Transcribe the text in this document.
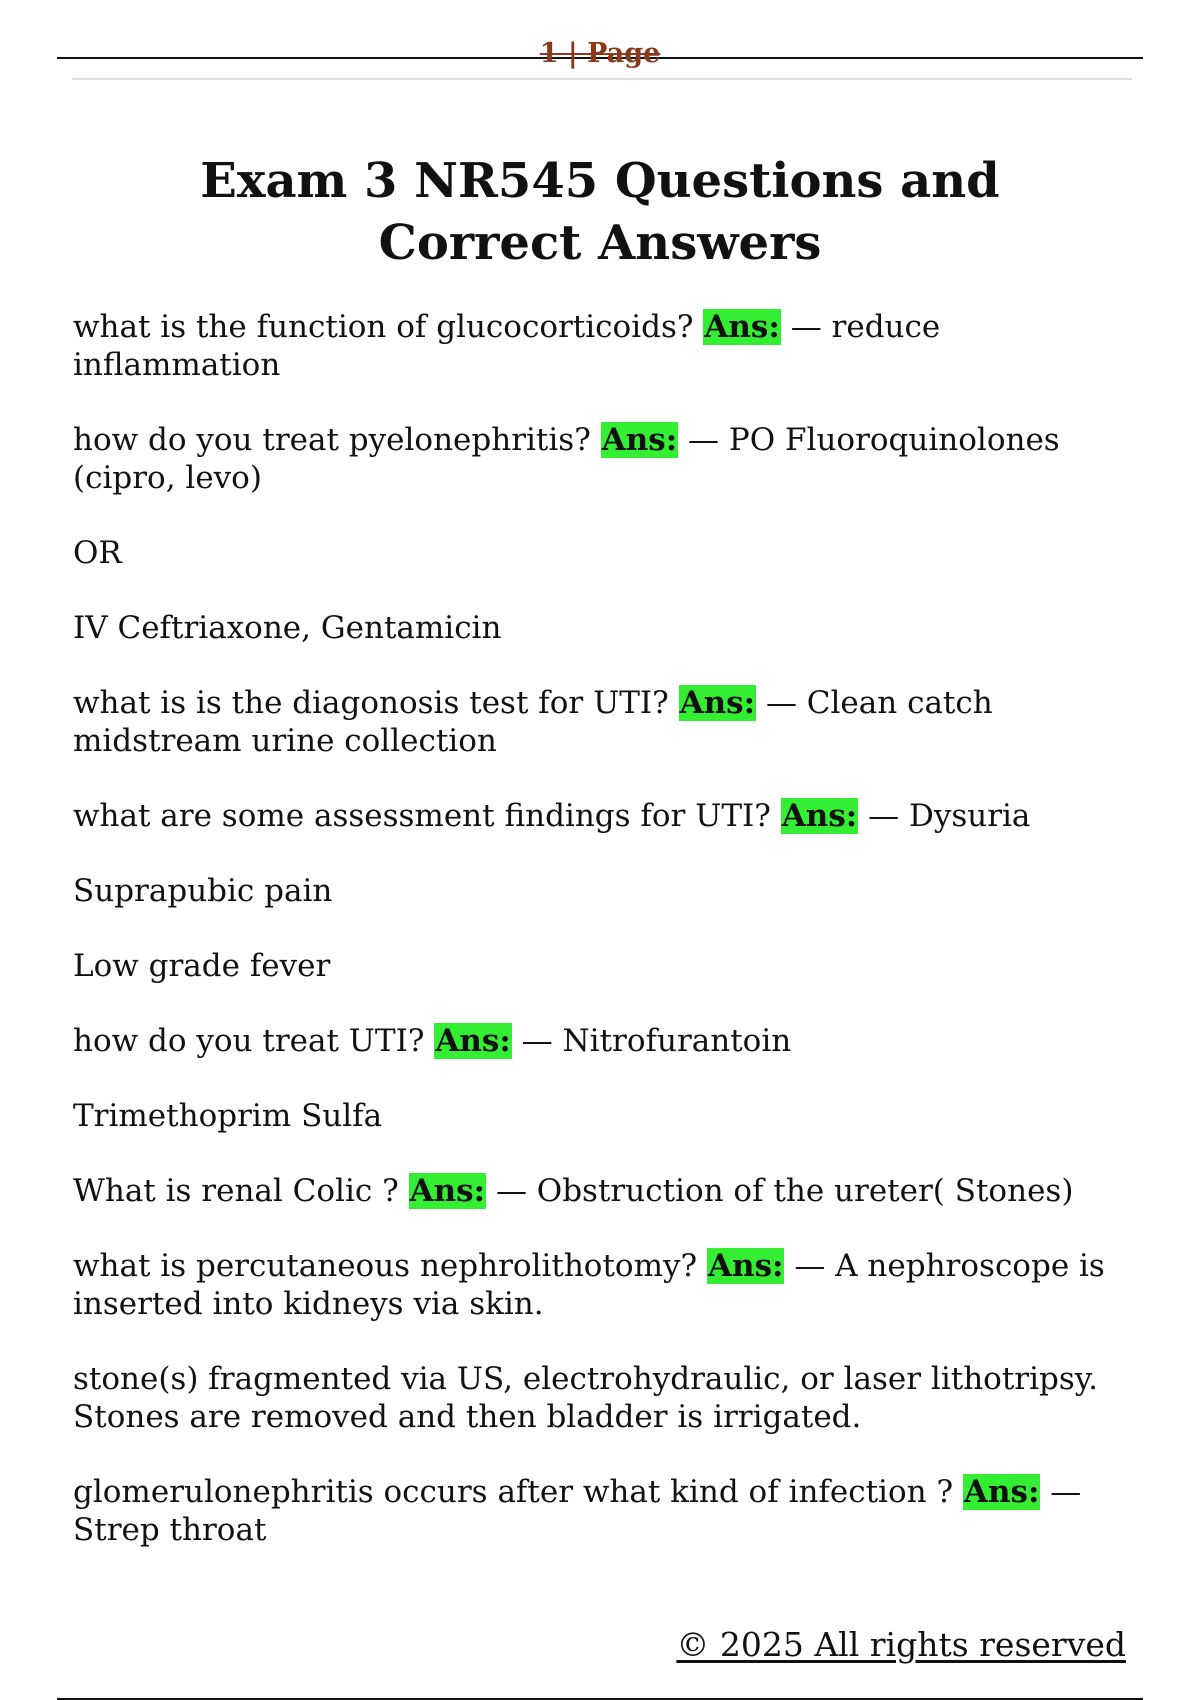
1 | Page
Exam 3 NR545 Questions and Correct Answers

what is the function of glucocorticoids? Ans: — reduce inflammation

how do you treat pyelonephritis? Ans: — PO Fluoroquinolones (cipro, levo)

OR

IV Ceftriaxone, Gentamicin

what is is the diagonosis test for UTI? Ans: — Clean catch midstream urine collection

what are some assessment findings for UTI? Ans: — Dysuria

Suprapubic pain

Low grade fever

how do you treat UTI? Ans: — Nitrofurantoin

Trimethoprim Sulfa

What is renal Colic ? Ans: — Obstruction of the ureter( Stones)

what is percutaneous nephrolithotomy? Ans: — A nephroscope is inserted into kidneys via skin.

stone(s) fragmented via US, electrohydraulic, or laser lithotripsy. Stones are removed and then bladder is irrigated.

glomerulonephritis occurs after what kind of infection ? Ans: — Strep throat

© 2025 All rights reserved
